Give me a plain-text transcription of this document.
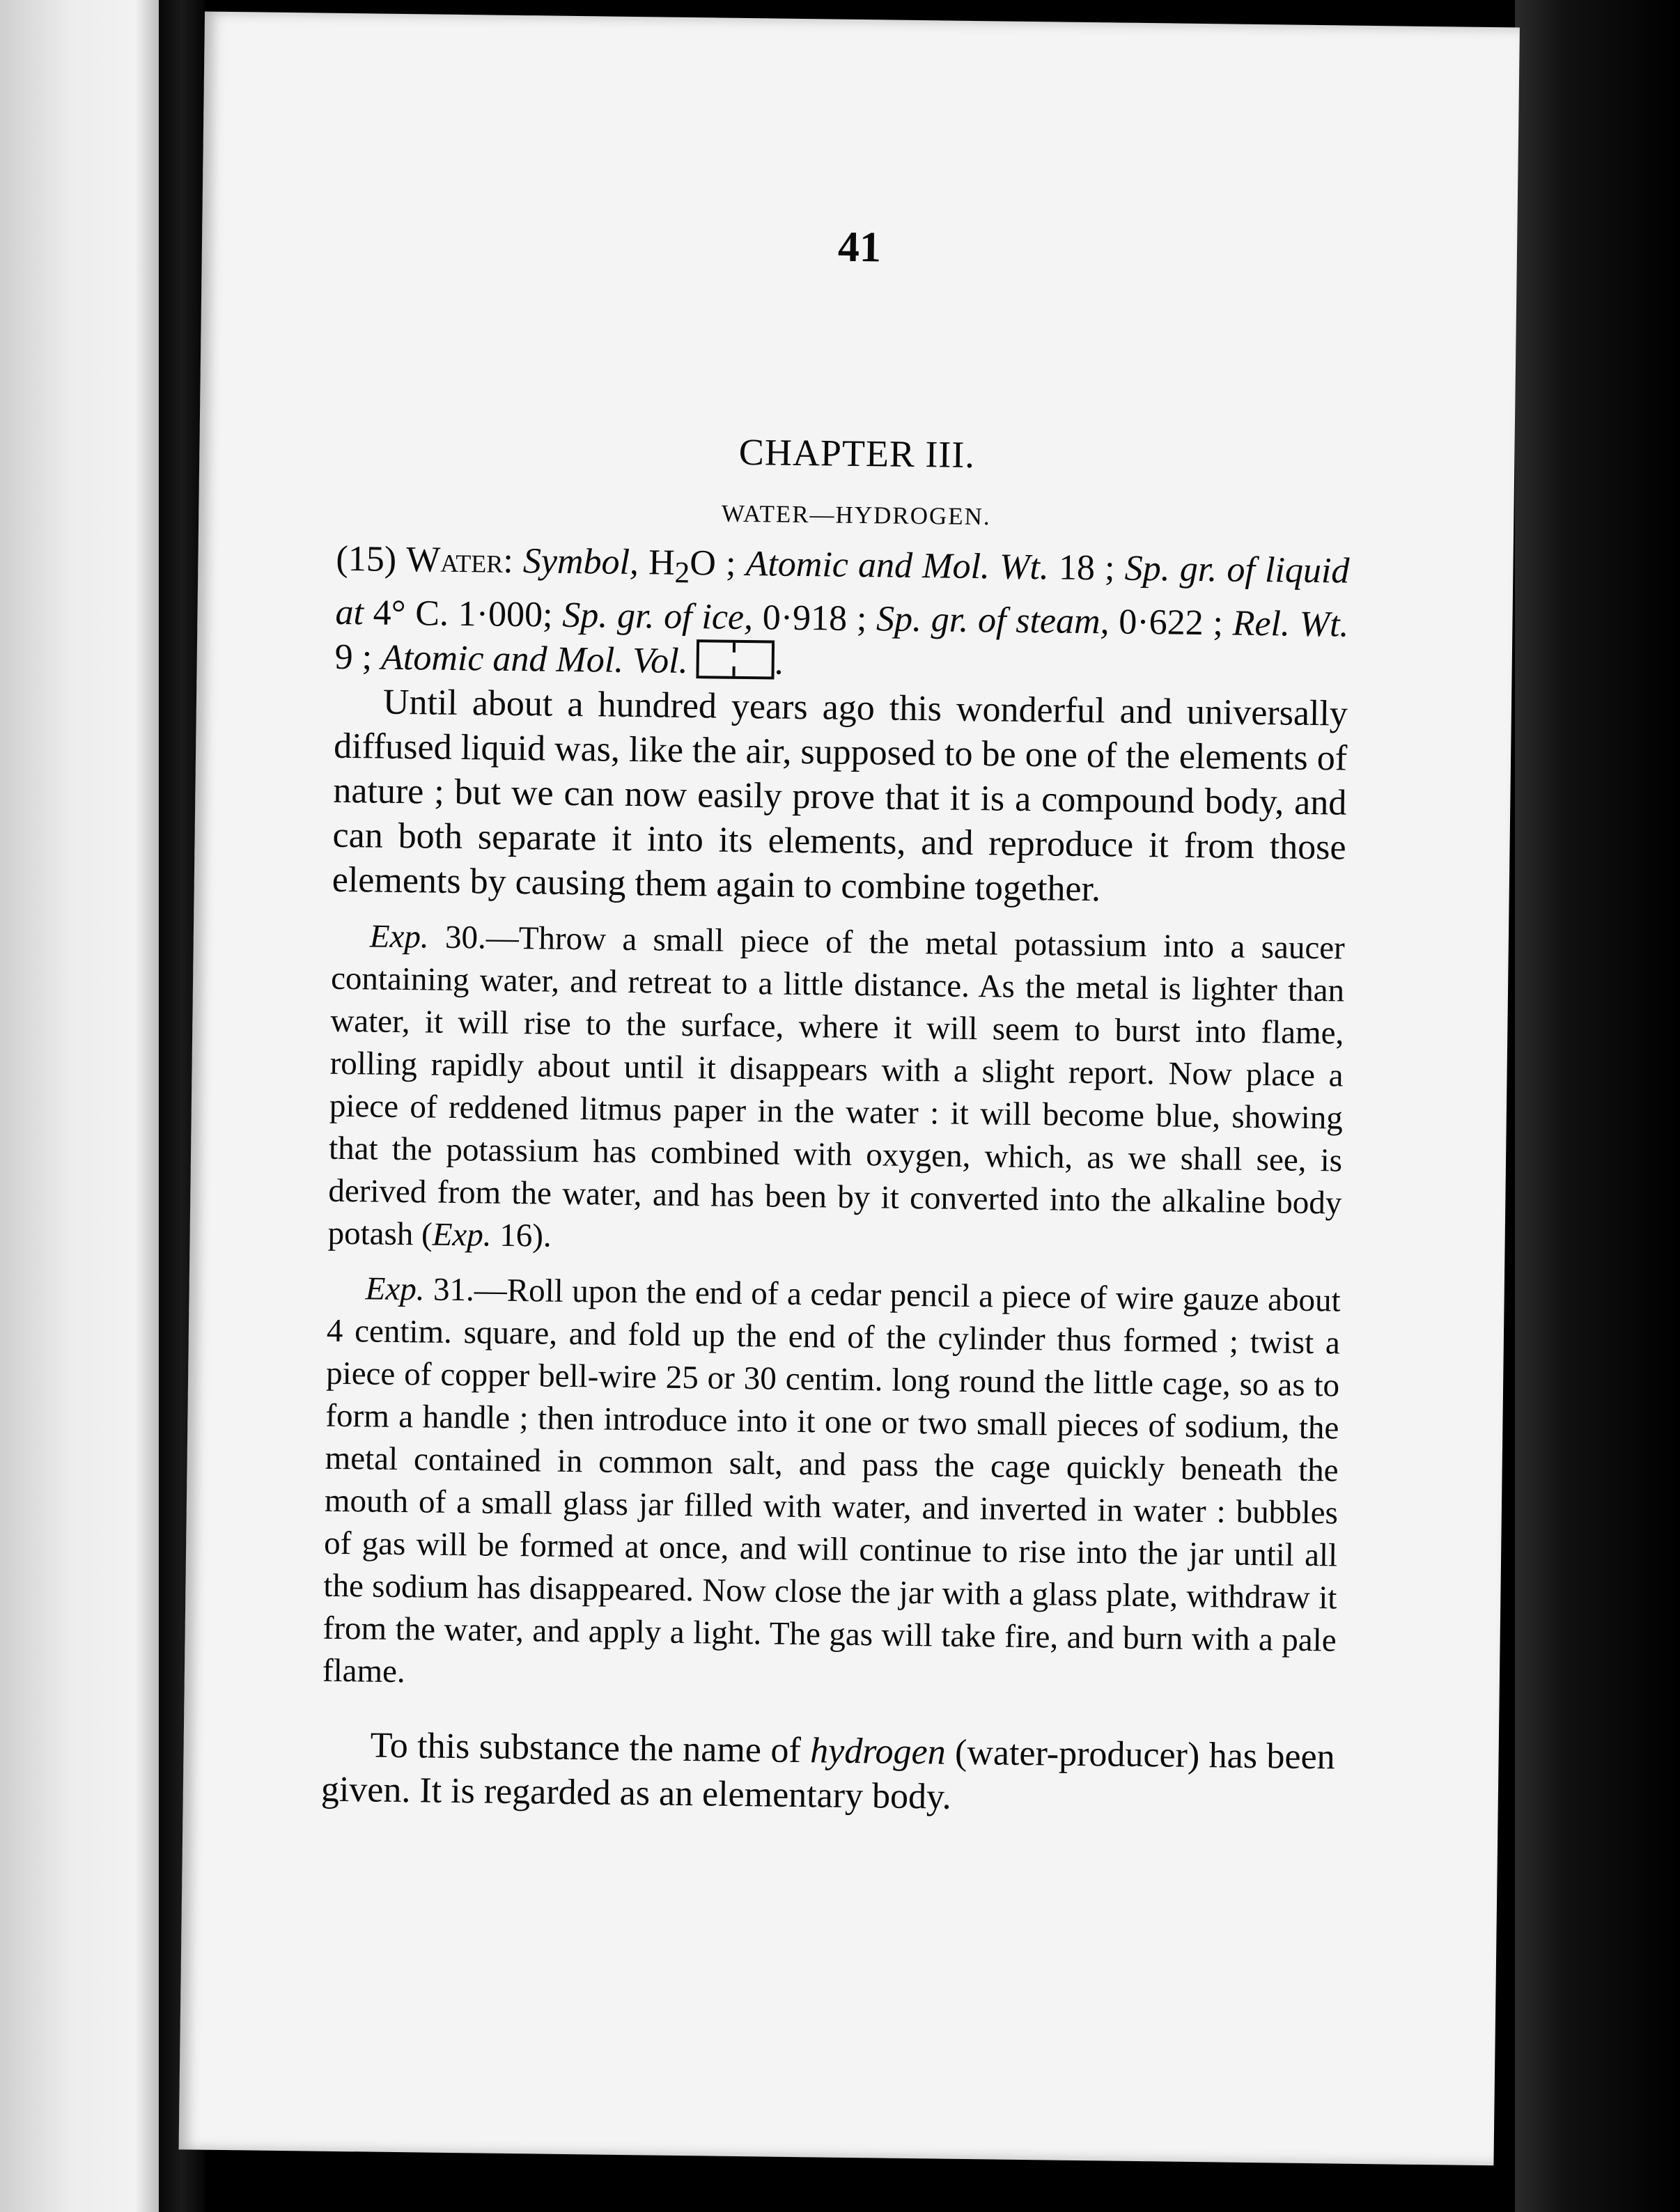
41
CHAPTER III.
WATER—HYDROGEN.

(15) Water: Symbol, $H_2O$ ; Atomic and Mol. Wt. 18 ; Sp. gr. of liquid at 4° C. 1·000; Sp. gr. of ice, 0·918 ; Sp. gr. of steam, 0·622 ; Rel. Wt. 9 ; Atomic and Mol. Vol. .

Until about a hundred years ago this wonderful and universally diffused liquid was, like the air, supposed to be one of the elements of nature ; but we can now easily prove that it is a compound body, and can both separate it into its elements, and reproduce it from those elements by causing them again to combine together.

Exp. 30.—Throw a small piece of the metal potassium into a saucer containing water, and retreat to a little distance. As the metal is lighter than water, it will rise to the surface, where it will seem to burst into flame, rolling rapidly about until it disappears with a slight report. Now place a piece of reddened litmus paper in the water : it will become blue, showing that the potassium has combined with oxygen, which, as we shall see, is derived from the water, and has been by it converted into the alkaline body potash (Exp. 16).

Exp. 31.—Roll upon the end of a cedar pencil a piece of wire gauze about 4 centim. square, and fold up the end of the cylinder thus formed ; twist a piece of copper bell-wire 25 or 30 centim. long round the little cage, so as to form a handle ; then introduce into it one or two small pieces of sodium, the metal contained in common salt, and pass the cage quickly beneath the mouth of a small glass jar filled with water, and inverted in water : bubbles of gas will be formed at once, and will continue to rise into the jar until all the sodium has disappeared. Now close the jar with a glass plate, withdraw it from the water, and apply a light. The gas will take fire, and burn with a pale flame.

To this substance the name of hydrogen (water-producer) has been given. It is regarded as an elementary body.
